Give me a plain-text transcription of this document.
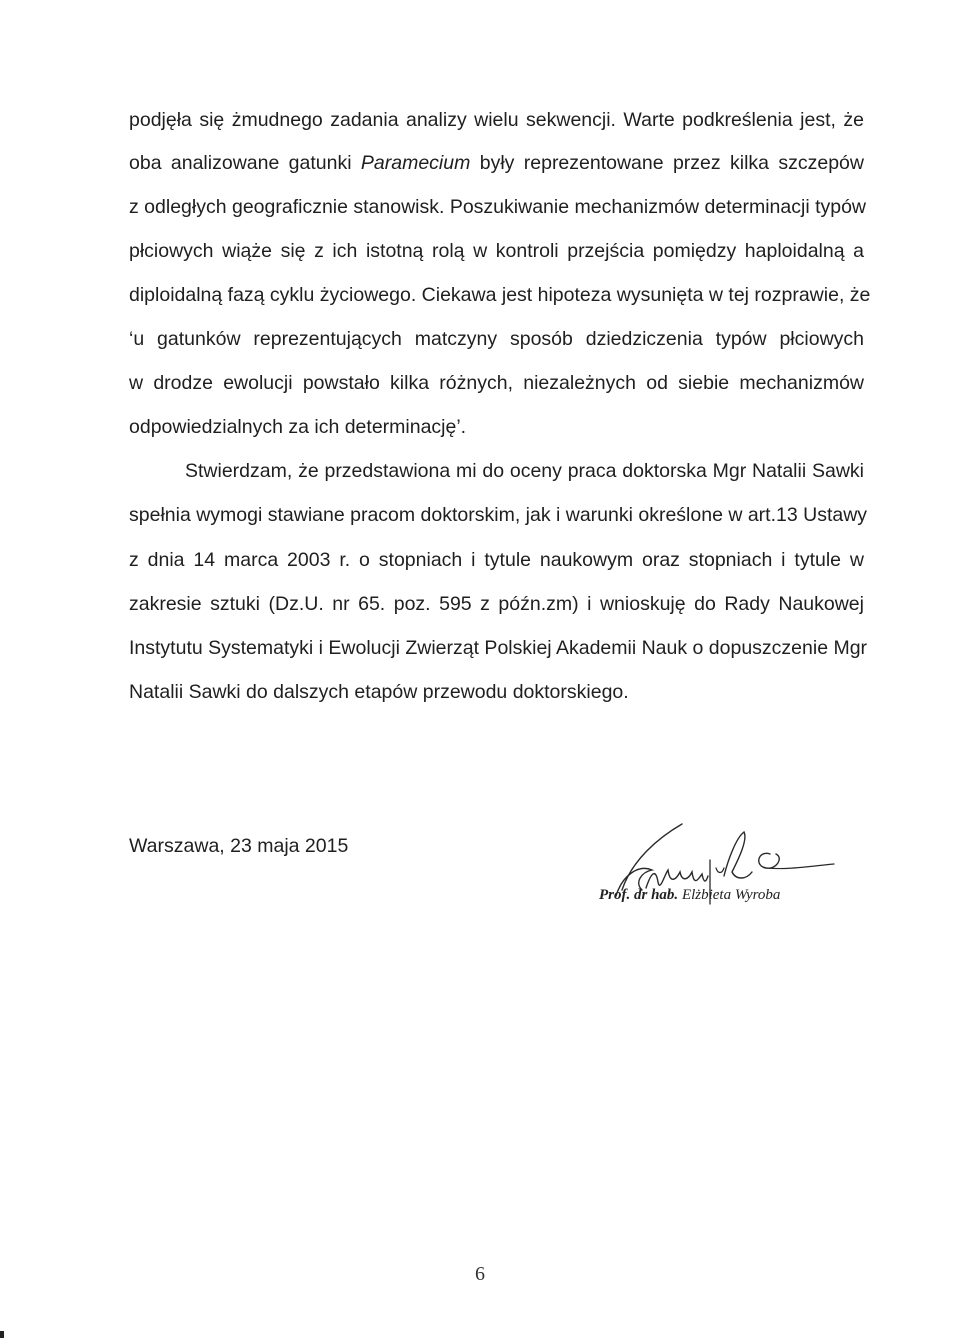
podjęła się żmudnego zadania analizy wielu sekwencji. Warte podkreślenia jest, że
oba analizowane gatunki Paramecium były reprezentowane przez kilka szczepów
z odległych geograficznie stanowisk. Poszukiwanie mechanizmów determinacji typów
płciowych wiąże się z ich istotną rolą w kontroli przejścia pomiędzy haploidalną a
diploidalną fazą cyklu życiowego. Ciekawa jest hipoteza wysunięta w tej rozprawie, że
‘u gatunków reprezentujących matczyny sposób dziedziczenia typów płciowych
w drodze ewolucji powstało kilka różnych, niezależnych od siebie mechanizmów
odpowiedzialnych za ich determinację’.
Stwierdzam, że przedstawiona mi do oceny praca doktorska Mgr Natalii Sawki
spełnia wymogi stawiane pracom doktorskim, jak i warunki określone w art.13 Ustawy
z dnia 14 marca 2003 r. o stopniach i tytule naukowym oraz stopniach i tytule w
zakresie sztuki (Dz.U. nr 65. poz. 595 z późn.zm) i wnioskuję do Rady Naukowej
Instytutu Systematyki i Ewolucji Zwierząt Polskiej Akademii Nauk o dopuszczenie Mgr
Natalii Sawki do dalszych etapów przewodu doktorskiego.
Warszawa, 23 maja 2015
Prof. dr hab. Elżbieta Wyroba
6
